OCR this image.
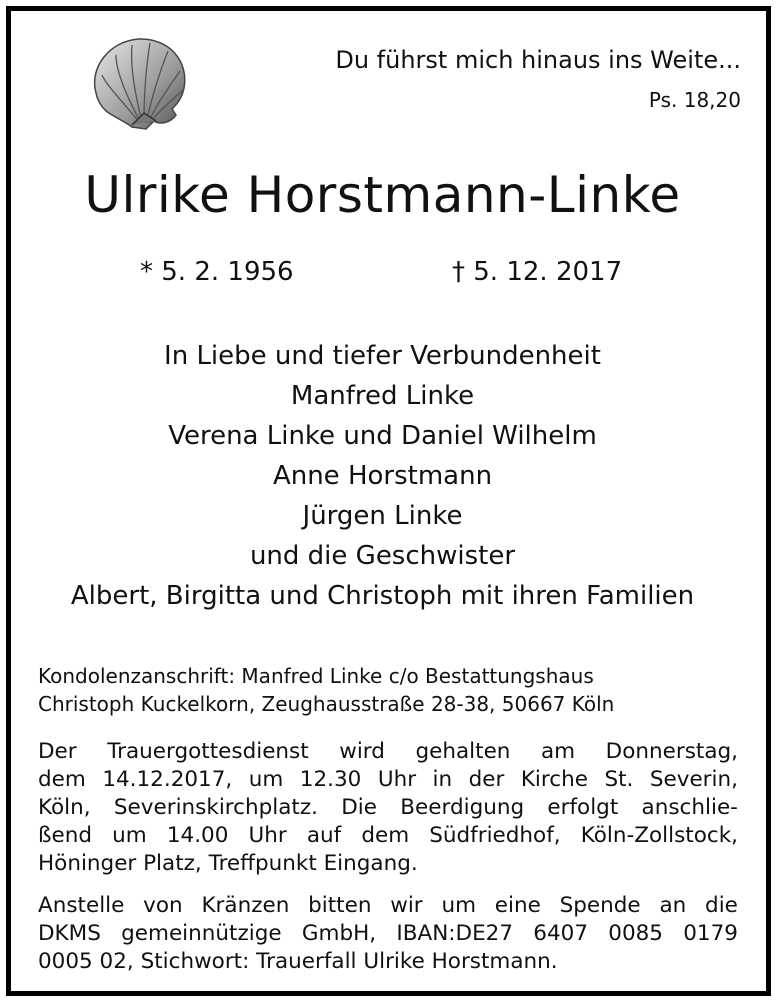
Du führst mich hinaus ins Weite...
Ps. 18,20
Ulrike Horstmann-Linke
* 5. 2. 1956	† 5. 12. 2017
In Liebe und tiefer Verbundenheit
Manfred Linke
Verena Linke und Daniel Wilhelm
Anne Horstmann
Jürgen Linke
und die Geschwister
Albert, Birgitta und Christoph mit ihren Familien
Kondolenzanschrift: Manfred Linke c/o Bestattungshaus
Christoph Kuckelkorn, Zeughausstraße 28-38, 50667 Köln
Der Trauergottesdienst wird gehalten am Donnerstag,
dem 14.12.2017, um 12.30 Uhr in der Kirche St. Severin,
Köln, Severinskirchplatz. Die Beerdigung erfolgt anschlie-
ßend um 14.00 Uhr auf dem Südfriedhof, Köln-Zollstock,
Höninger Platz, Treffpunkt Eingang.
Anstelle von Kränzen bitten wir um eine Spende an die
DKMS gemeinnützige GmbH, IBAN:DE27 6407 0085 0179
0005 02, Stichwort: Trauerfall Ulrike Horstmann.
